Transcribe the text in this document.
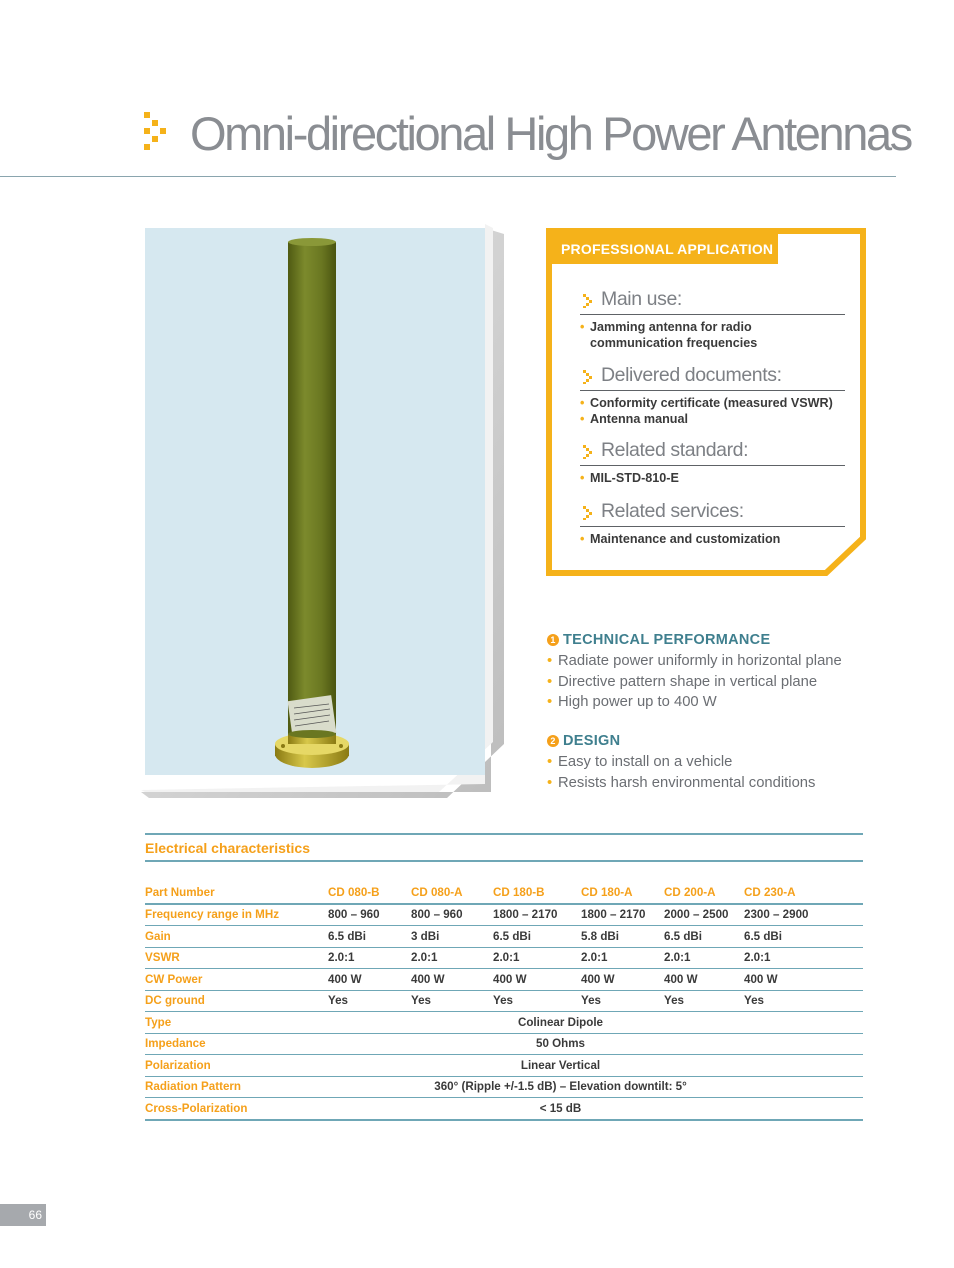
Omni-directional High Power Antennas
PROFESSIONAL APPLICATION
Main use:
• Jamming antenna for radio communication frequencies
Delivered documents:
• Conformity certificate (measured VSWR)
• Antenna manual
Related standard:
• MIL-STD-810-E
Related services:
• Maintenance and customization
1 TECHNICAL PERFORMANCE
• Radiate power uniformly in horizontal plane
• Directive pattern shape in vertical plane
• High power up to 400 W
2 DESIGN
• Easy to install on a vehicle
• Resists harsh environmental conditions
Electrical characteristics
Part Number	CD 080-B	CD 080-A	CD 180-B	CD 180-A	CD 200-A	CD 230-A
Frequency range in MHz	800 – 960	800 – 960	1800 – 2170	1800 – 2170	2000 – 2500	2300 – 2900
Gain	6.5 dBi	3 dBi	6.5 dBi	5.8 dBi	6.5 dBi	6.5 dBi
VSWR	2.0:1	2.0:1	2.0:1	2.0:1	2.0:1	2.0:1
CW Power	400 W	400 W	400 W	400 W	400 W	400 W
DC ground	Yes	Yes	Yes	Yes	Yes	Yes
Type	Colinear Dipole					
Impedance	50 Ohms					
Polarization	Linear Vertical					
Radiation Pattern	360° (Ripple +/-1.5 dB) – Elevation downtilt: 5°					
Cross-Polarization	< 15 dB					
66
